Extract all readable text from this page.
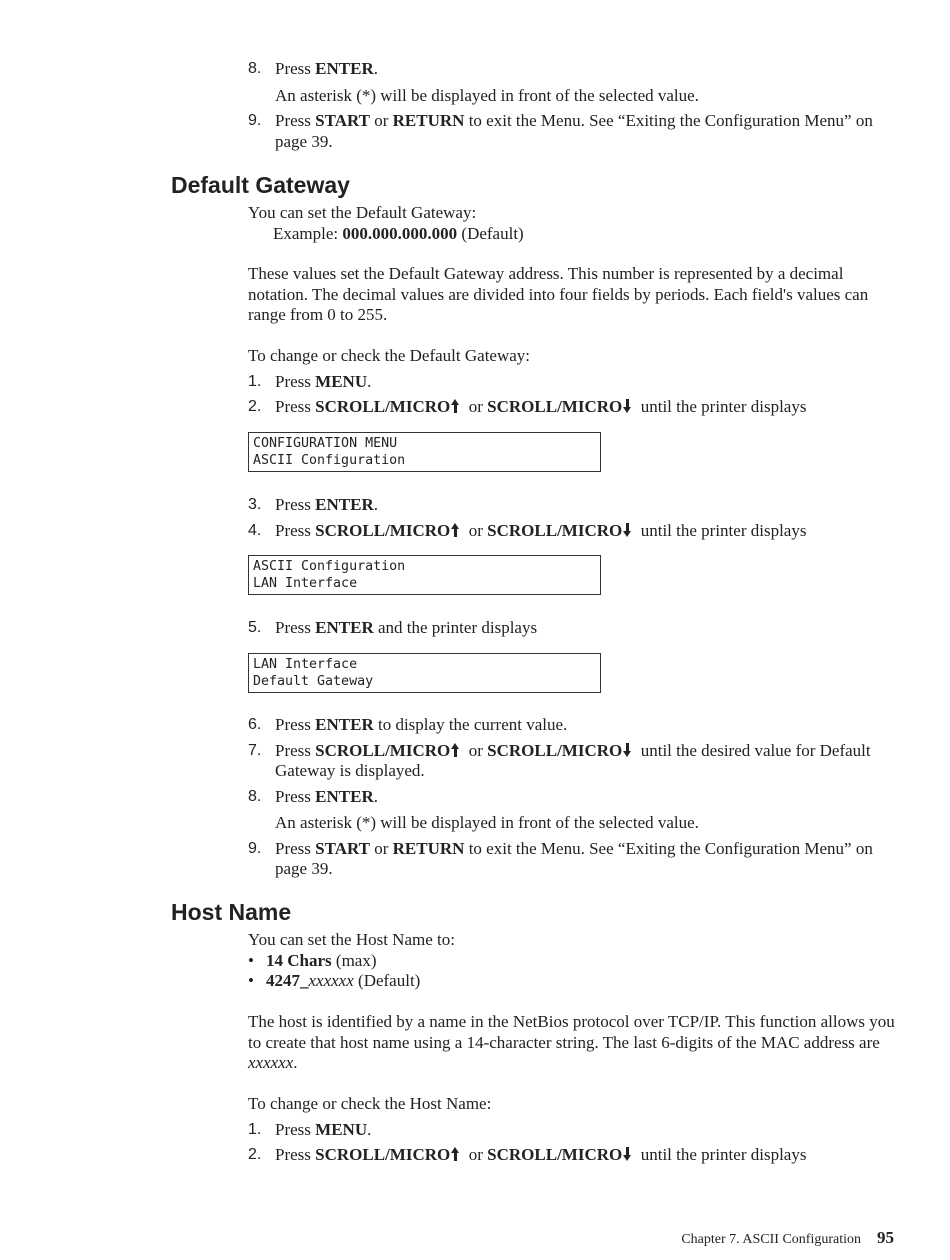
8. Press ENTER.
An asterisk (*) will be displayed in front of the selected value.
9. Press START or RETURN to exit the Menu. See “Exiting the Configuration Menu” on page 39.
Default Gateway
You can set the Default Gateway:
Example: 000.000.000.000 (Default)
These values set the Default Gateway address. This number is represented by a decimal notation. The decimal values are divided into four fields by periods. Each field's values can range from 0 to 255.
To change or check the Default Gateway:
1. Press MENU.
2. Press SCROLL/MICRO or SCROLL/MICRO until the printer displays
CONFIGURATION MENU
ASCII Configuration
3. Press ENTER.
4. Press SCROLL/MICRO or SCROLL/MICRO until the printer displays
ASCII Configuration
LAN Interface
5. Press ENTER and the printer displays
LAN Interface
Default Gateway
6. Press ENTER to display the current value.
7. Press SCROLL/MICRO or SCROLL/MICRO until the desired value for Default Gateway is displayed.
8. Press ENTER.
An asterisk (*) will be displayed in front of the selected value.
9. Press START or RETURN to exit the Menu. See “Exiting the Configuration Menu” on page 39.
Host Name
You can set the Host Name to:
• 14 Chars (max)
• 4247_xxxxxx (Default)
The host is identified by a name in the NetBios protocol over TCP/IP. This function allows you to create that host name using a 14-character string. The last 6-digits of the MAC address are xxxxxx.
To change or check the Host Name:
1. Press MENU.
2. Press SCROLL/MICRO or SCROLL/MICRO until the printer displays
Chapter 7. ASCII Configuration 95
